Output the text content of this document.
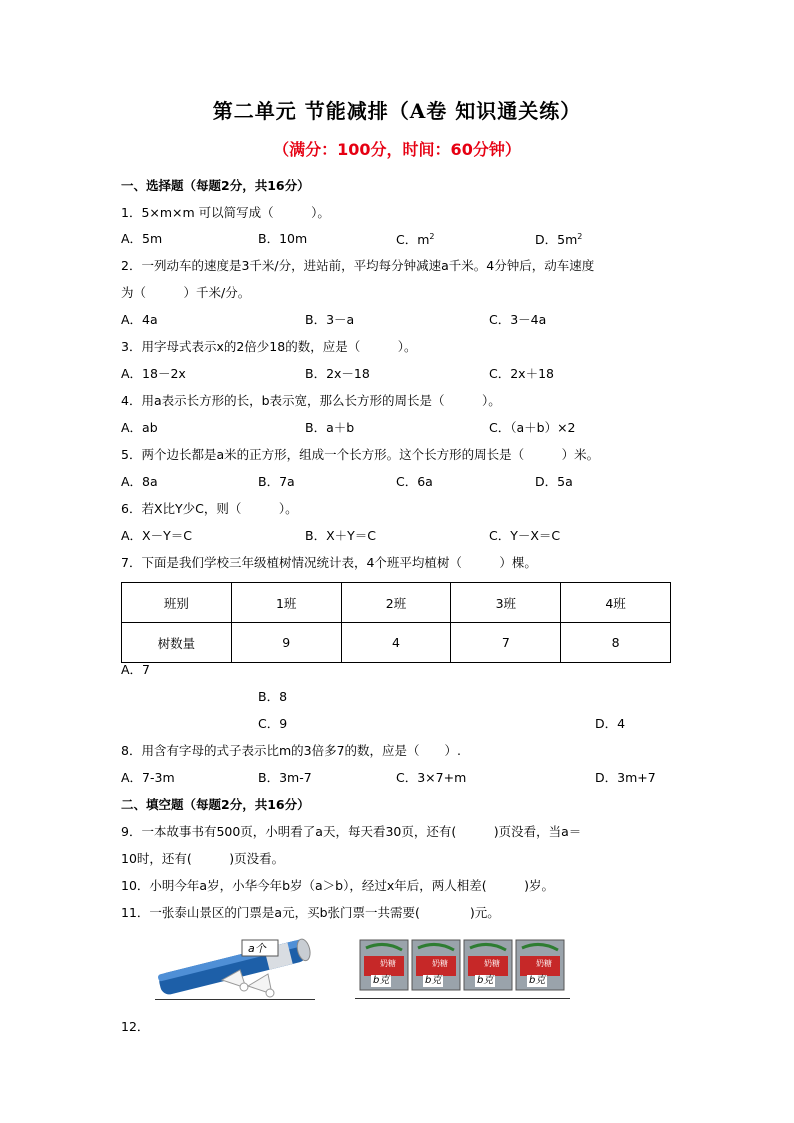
第二单元 节能减排（A卷 知识通关练）
（满分：100分，时间：60分钟）
一、选择题（每题2分，共16分）
1．5×m×m 可以简写成（　　　）。
A．5m	B．10m	C．$m^2$	D．$5m^2$
2．一列动车的速度是3千米/分，进站前，平均每分钟减速a千米。4分钟后，动车速度
为（　　　）千米/分。
A．4a	B．3－a	C．3－4a
3．用字母式表示x的2倍少18的数，应是（　　　）。
A．18－2x	B．2x－18	C．2x＋18
4．用a表示长方形的长，b表示宽，那么长方形的周长是（　　　）。
A．ab	B．a＋b	C．（a＋b）×2
5．两个边长都是a米的正方形，组成一个长方形。这个长方形的周长是（　　　）米。
A．8a	B．7a	C．6a	D．5a
6．若X比Y少C，则（　　　）。
A．X－Y＝C	B．X＋Y＝C	C．Y－X＝C
7．下面是我们学校三年级植树情况统计表，4个班平均植树（　　　）棵。
班别	1班	2班	3班	4班
树数量	9	4	7	8
A．7
B．8
C．9	D．4
8．用含有字母的式子表示比m的3倍多7的数，应是（　　）.
A．7-3m	B．3m-7	C．3×7+m	D．3m+7
二、填空题（每题2分，共16分）
9．一本故事书有500页，小明看了a天，每天看30页，还有(　　　)页没看，当a＝
10时，还有(　　　)页没看。
10．小明今年a岁，小华今年b岁（a＞b），经过x年后，两人相差(　　　)岁。
11．一张泰山景区的门票是a元，买b张门票一共需要(　　　　)元。
12．
a个
b克	b克	b克	b克
奶糖	奶糖	奶糖	奶糖
